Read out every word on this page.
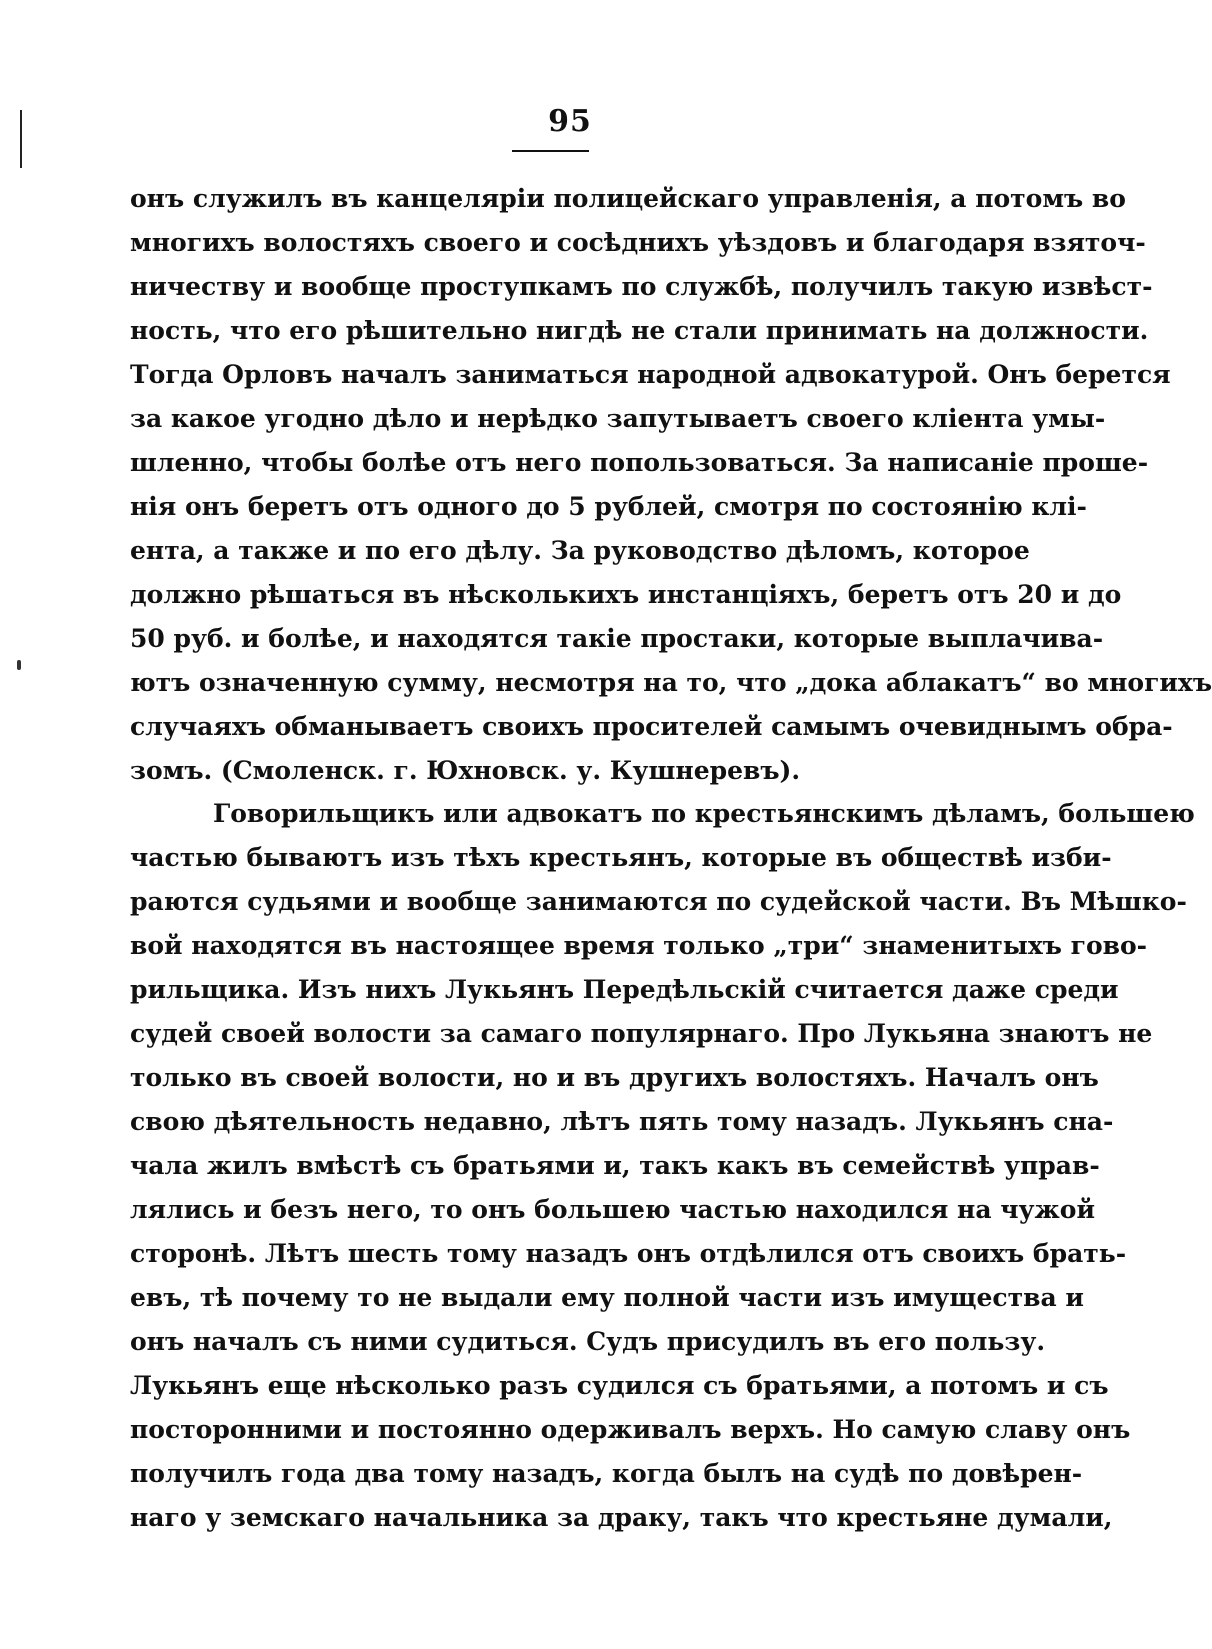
95
онъ служилъ въ канцеляріи полицейскаго управленія, а потомъ во
многихъ волостяхъ своего и сосѣднихъ уѣздовъ и благодаря взяточ-
ничеству и вообще проступкамъ по службѣ, получилъ такую извѣст-
ность, что его рѣшительно нигдѣ не стали принимать на должности.
Тогда Орловъ началъ заниматься народной адвокатурой. Онъ берется
за какое угодно дѣло и нерѣдко запутываетъ своего кліента умы-
шленно, чтобы болѣе отъ него попользоваться. За написаніе проше-
нія онъ беретъ отъ одного до 5 рублей, смотря по состоянію клі-
ента, а также и по его дѣлу. За руководство дѣломъ, которое
должно рѣшаться въ нѣсколькихъ инстанціяхъ, беретъ отъ 20 и до
50 руб. и болѣе, и находятся такіе простаки, которые выплачива-
ютъ означенную сумму, несмотря на то, что „дока аблакатъ“ во многихъ
случаяхъ обманываетъ своихъ просителей самымъ очевиднымъ обра-
зомъ. (Смоленск. г. Юхновск. у. Кушнеревъ).
Говорильщикъ или адвокатъ по крестьянскимъ дѣламъ, большею
частью бываютъ изъ тѣхъ крестьянъ, которые въ обществѣ изби-
раются судьями и вообще занимаются по судейской части. Въ Мѣшко-
вой находятся въ настоящее время только „три“ знаменитыхъ гово-
рильщика. Изъ нихъ Лукьянъ Передѣльскій считается даже среди
судей своей волости за самаго популярнаго. Про Лукьяна знаютъ не
только въ своей волости, но и въ другихъ волостяхъ. Началъ онъ
свою дѣятельность недавно, лѣтъ пять тому назадъ. Лукьянъ сна-
чала жилъ вмѣстѣ съ братьями и, такъ какъ въ семействѣ управ-
лялись и безъ него, то онъ большею частью находился на чужой
сторонѣ. Лѣтъ шесть тому назадъ онъ отдѣлился отъ своихъ брать-
евъ, тѣ почему то не выдали ему полной части изъ имущества и
онъ началъ съ ними судиться. Судъ присудилъ въ его пользу.
Лукьянъ еще нѣсколько разъ судился съ братьями, а потомъ и съ
посторонними и постоянно одерживалъ верхъ. Но самую славу онъ
получилъ года два тому назадъ, когда былъ на судѣ по довѣрен-
наго у земскаго начальника за драку, такъ что крестьяне думали,
